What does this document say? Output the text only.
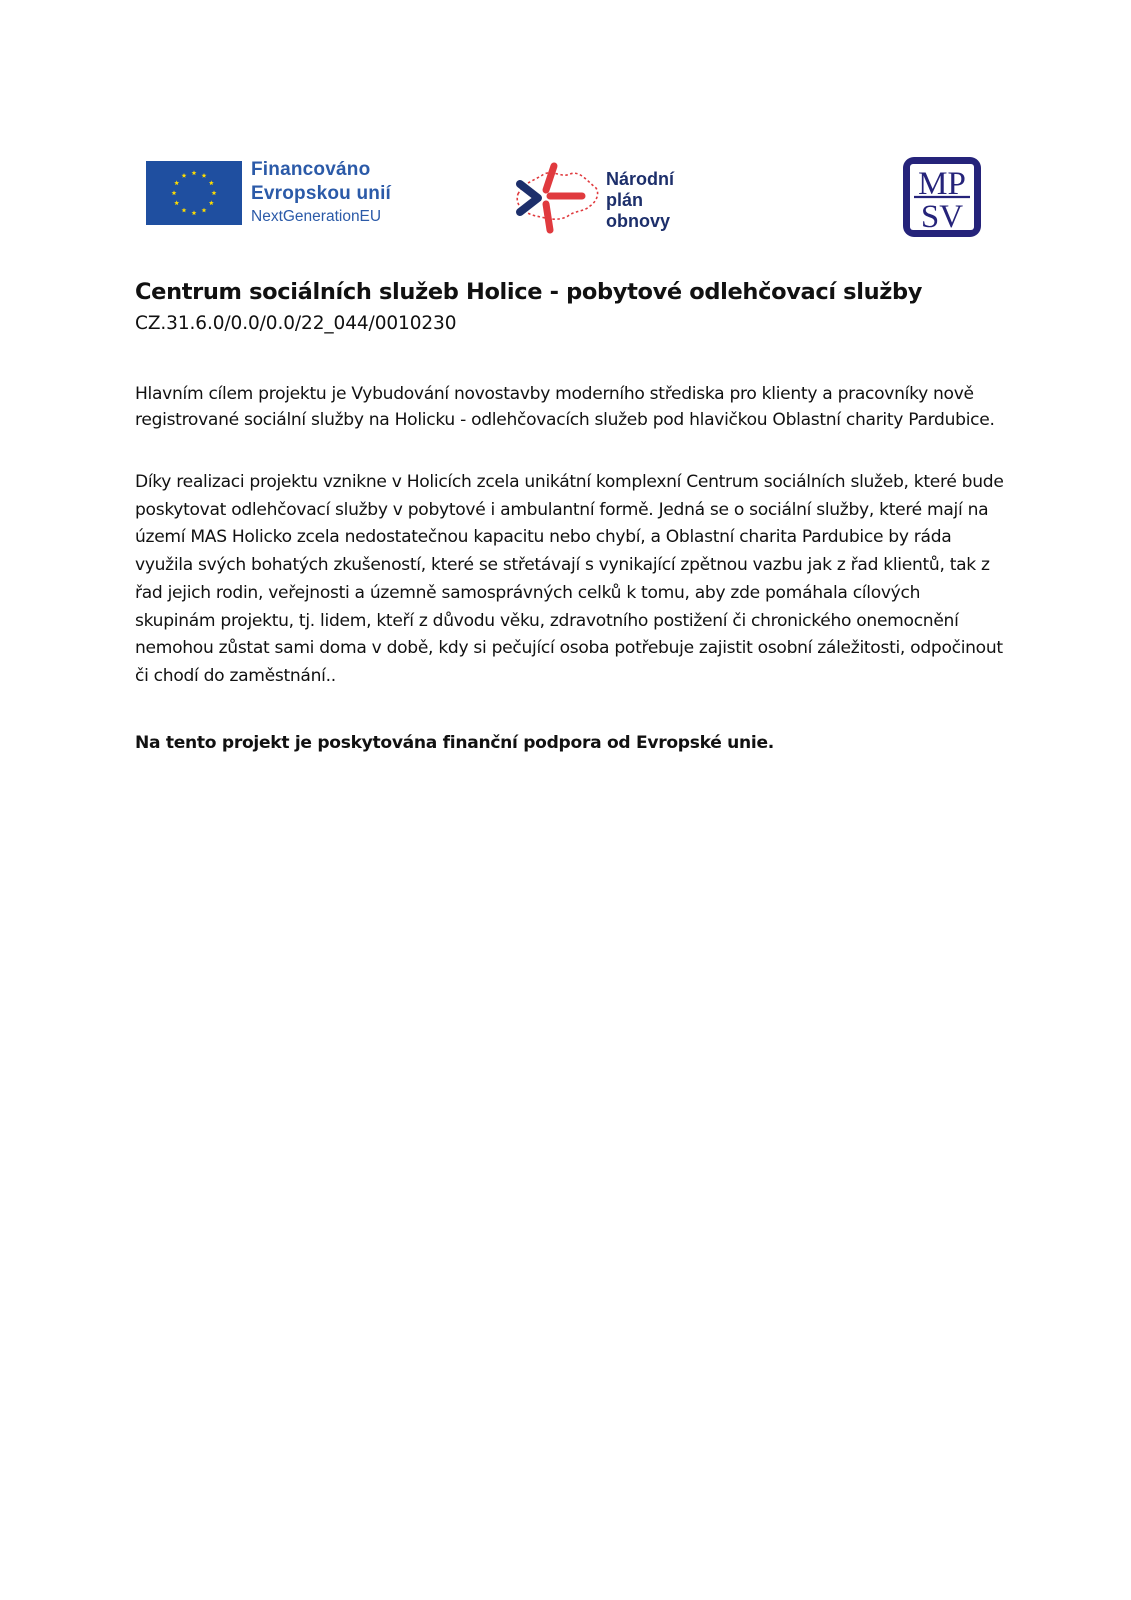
Financováno
Evropskou unií
NextGenerationEU
Národní
plán
obnovy
MP
SV
Centrum sociálních služeb Holice - pobytové odlehčovací služby
CZ.31.6.0/0.0/0.0/22_044/0010230

Hlavním cílem projektu je Vybudování novostavby moderního střediska pro klienty a pracovníky nově registrované sociální služby na Holicku - odlehčovacích služeb pod hlavičkou Oblastní charity Pardubice.

Díky realizaci projektu vznikne v Holicích zcela unikátní komplexní Centrum sociálních služeb, které bude poskytovat odlehčovací služby v pobytové i ambulantní formě. Jedná se o sociální služby, které mají na území MAS Holicko zcela nedostatečnou kapacitu nebo chybí, a Oblastní charita Pardubice by ráda využila svých bohatých zkušeností, které se střetávají s vynikající zpětnou vazbu jak z řad klientů, tak z řad jejich rodin, veřejnosti a územně samosprávných celků k tomu, aby zde pomáhala cílových skupinám projektu, tj. lidem, kteří z důvodu věku, zdravotního postižení či chronického onemocnění nemohou zůstat sami doma v době, kdy si pečující osoba potřebuje zajistit osobní záležitosti, odpočinout či chodí do zaměstnání..

Na tento projekt je poskytována finanční podpora od Evropské unie.
